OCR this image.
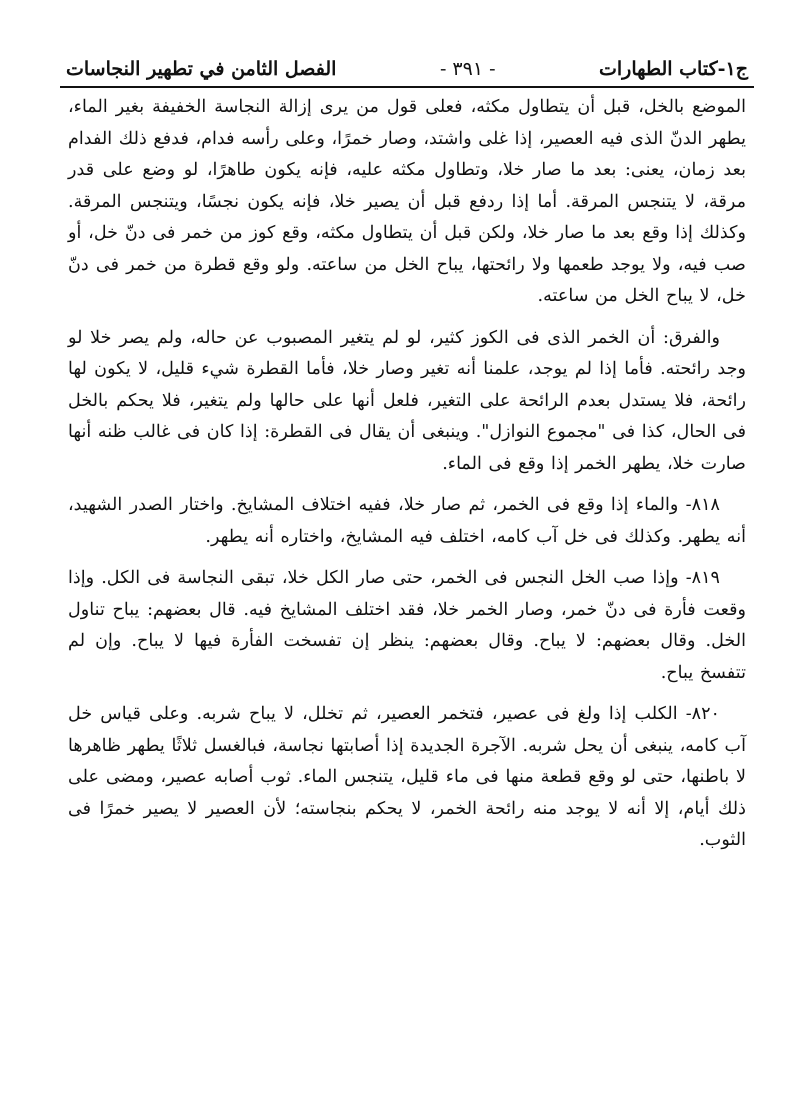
ج١-كتاب الطهارات
- ٣٩١ -
الفصل الثامن في تطهير النجاسات

الموضع بالخل، قبل أن يتطاول مكثه، فعلى قول من يرى إزالة النجاسة الخفيفة بغير الماء، يطهر الدنّ الذى فيه العصير، إذا غلى واشتد، وصار خمرًا، وعلى رأسه فدام، فدفع ذلك الفدام بعد زمان، يعنى: بعد ما صار خلا، وتطاول مكثه عليه، فإنه يكون طاهرًا، لو وضع على قدر مرقة، لا يتنجس المرقة. أما إذا ردفع قبل أن يصير خلا، فإنه يكون نجسًا، ويتنجس المرقة. وكذلك إذا وقع بعد ما صار خلا، ولكن قبل أن يتطاول مكثه، وقع كوز من خمر فى دنّ خل، أو صب فيه، ولا يوجد طعمها ولا رائحتها، يباح الخل من ساعته. ولو وقع قطرة من خمر فى دنّ خل، لا يباح الخل من ساعته.

والفرق: أن الخمر الذى فى الكوز كثير، لو لم يتغير المصبوب عن حاله، ولم يصر خلا لو وجد رائحته. فأما إذا لم يوجد، علمنا أنه تغير وصار خلا، فأما القطرة شيء قليل، لا يكون لها رائحة، فلا يستدل بعدم الرائحة على التغير، فلعل أنها على حالها ولم يتغير، فلا يحكم بالخل فى الحال، كذا فى "مجموع النوازل". وينبغى أن يقال فى القطرة: إذا كان فى غالب ظنه أنها صارت خلا، يطهر الخمر إذا وقع فى الماء.

٨١٨- والماء إذا وقع فى الخمر، ثم صار خلا، ففيه اختلاف المشايخ. واختار الصدر الشهيد، أنه يطهر. وكذلك فى خل آب كامه، اختلف فيه المشايخ، واختاره أنه يطهر.

٨١٩- وإذا صب الخل النجس فى الخمر، حتى صار الكل خلا، تبقى النجاسة فى الكل. وإذا وقعت فأرة فى دنّ خمر، وصار الخمر خلا، فقد اختلف المشايخ فيه. قال بعضهم: يباح تناول الخل. وقال بعضهم: لا يباح. وقال بعضهم: ينظر إن تفسخت الفأرة فيها لا يباح. وإن لم تتفسخ يباح.

٨٢٠- الكلب إذا ولغ فى عصير، فتخمر العصير، ثم تخلل، لا يباح شربه. وعلى قياس خل آب كامه، ينبغى أن يحل شربه. الآجرة الجديدة إذا أصابتها نجاسة، فبالغسل ثلاثًا يطهر ظاهرها لا باطنها، حتى لو وقع قطعة منها فى ماء قليل، يتنجس الماء. ثوب أصابه عصير، ومضى على ذلك أيام، إلا أنه لا يوجد منه رائحة الخمر، لا يحكم بنجاسته؛ لأن العصير لا يصير خمرًا فى الثوب.
